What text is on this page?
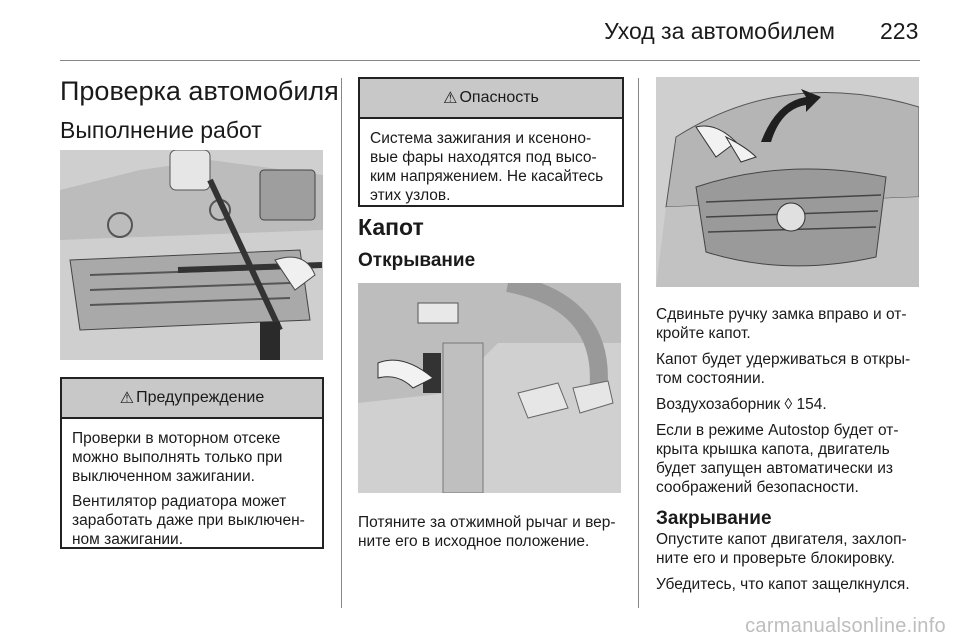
Уход за автомобилем 223
Проверка автомобиля
Выполнение работ
⚠ Предупреждение

Проверки в моторном отсеке можно выполнять только при выключенном зажигании.

Вентилятор радиатора может заработать даже при выключен-ном зажигании.

⚠ Опасность

Система зажигания и ксеноно-вые фары находятся под высо-ким напряжением. Не касайтесь этих узлов.

Капот
Открывание

Потяните за отжимной рычаг и вер-ните его в исходное положение.

Сдвиньте ручку замка вправо и от-кройте капот.

Капот будет удерживаться в откры-том состоянии.

Воздухозаборник ◊ 154.

Если в режиме Autostop будет от-крыта крышка капота, двигатель будет запущен автоматически из соображений безопасности.

Закрывание

Опустите капот двигателя, захлоп-ните его и проверьте блокировку.

Убедитесь, что капот защелкнулся.

carmanualsonline.info
